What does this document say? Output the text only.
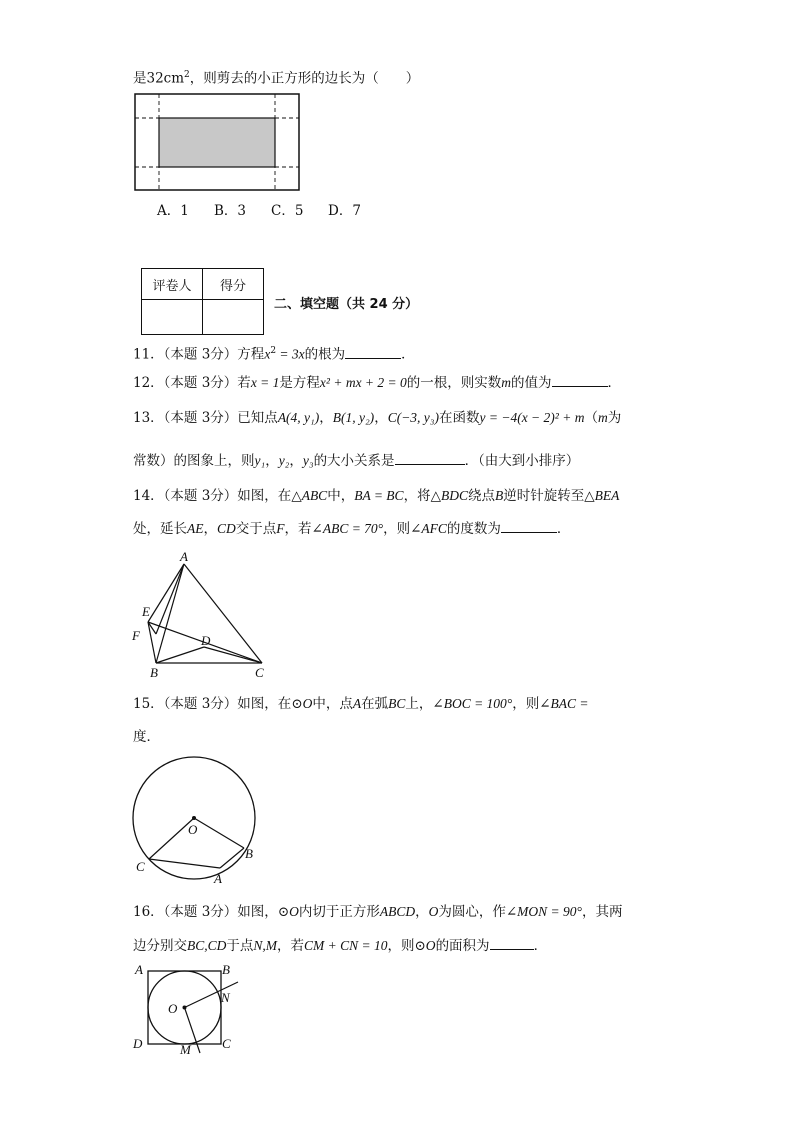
是$32cm^2$，则剪去的小正方形的边长为（　　）
A．1 B．3 C．5 D．7
评卷人	得分

二、填空题（共 24 分）
11．（本题 3分）方程$x^2 = 3x$的根为	．
12．（本题 3分）若x = 1是方程x² + mx + 2 = 0的一根，则实数m的值为	．
13．（本题 3分）已知点A(4, y₁)，B(1, y₂)，C(−3, y₃)在函数y = −4(x − 2)² + m（m为
常数）的图象上，则y₁，y₂，y₃的大小关系是	．（由大到小排序）
14．（本题 3分）如图，在△ABC中，BA = BC，将△BDC绕点B逆时针旋转至△BEA
处，延长AE，CD交于点F，若∠ABC = 70°，则∠AFC的度数为	．
A
E
F	D
B	C
15．（本题 3分）如图，在⊙O中，点A在弧BC上，∠BOC = 100°，则∠BAC =
度．
O
B
C
A
16．（本题 3分）如图，⊙O内切于正方形ABCD，O为圆心，作∠MON = 90°，其两
边分别交BC,CD于点N,M，若CM + CN = 10，则⊙O的面积为	．
A	B
C
D
O
N
M
